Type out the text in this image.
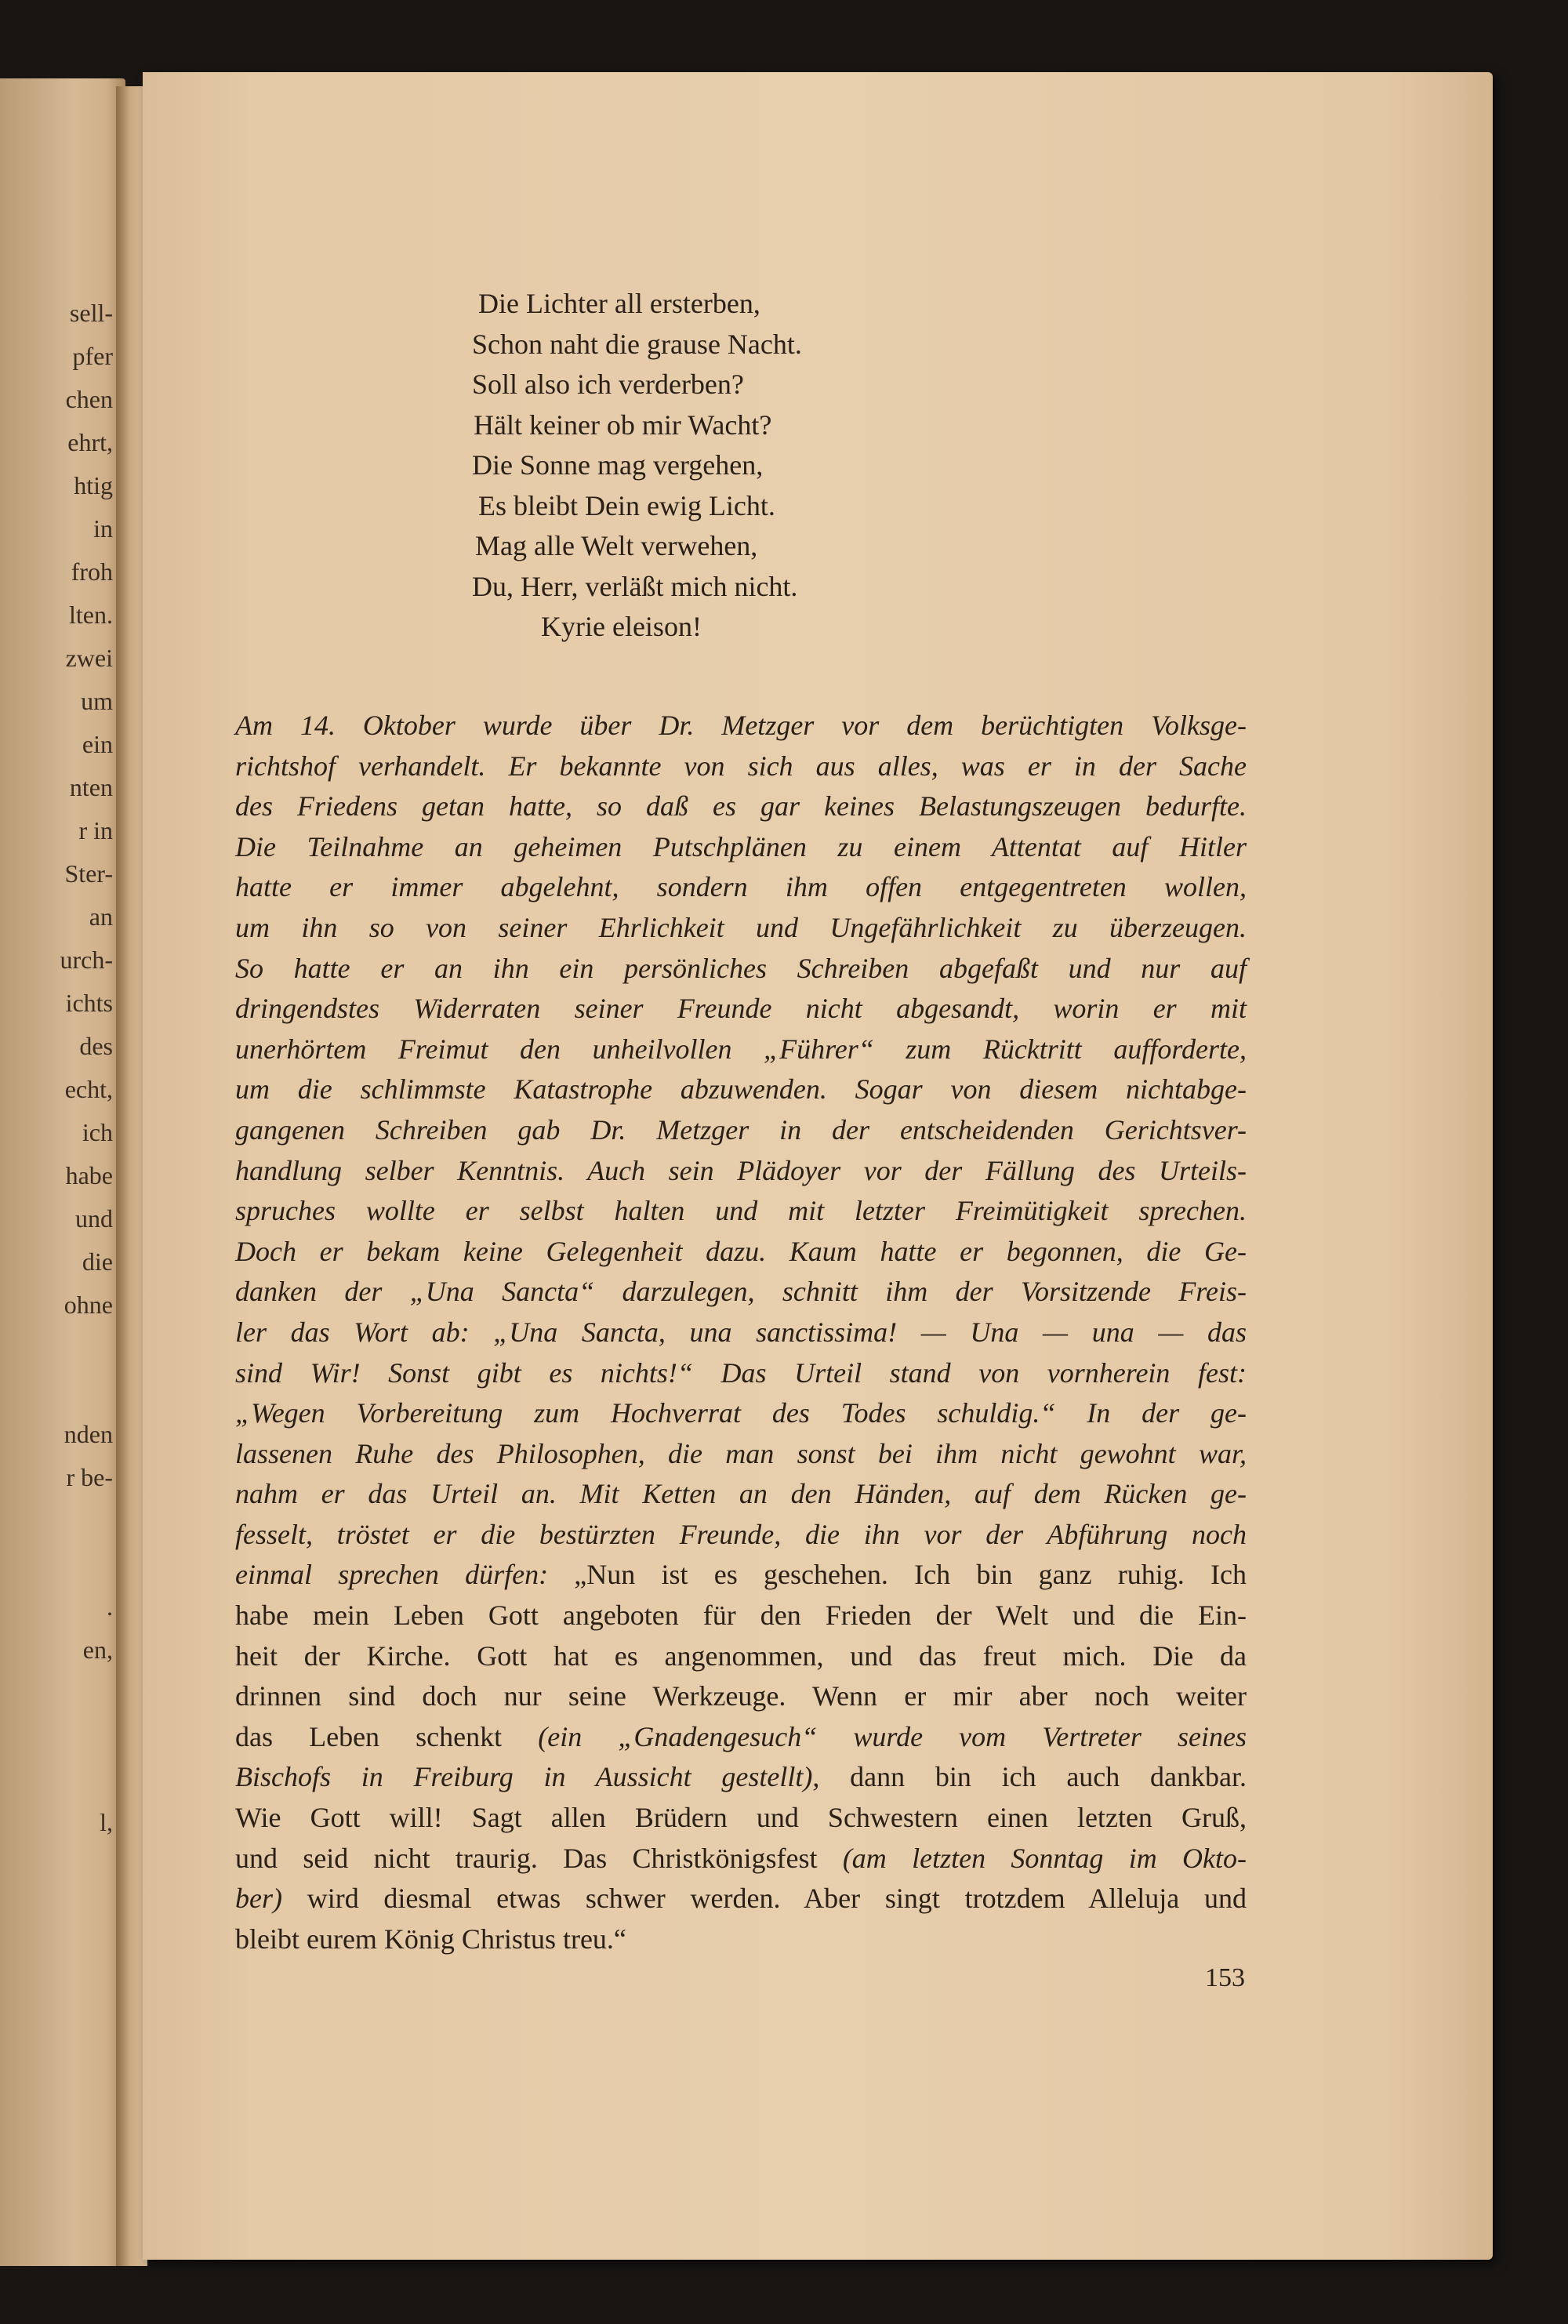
sell-
pfer
chen
ehrt,
htig
in
froh
lten.
zwei
um
ein
nten
r in
Ster-
an
urch-
ichts
des
echt,
ich
habe
und
die
ohne
nden
r be-
.
en,
l,
Die Lichter all ersterben,
Schon naht die grause Nacht.
Soll also ich verderben?
Hält keiner ob mir Wacht?
Die Sonne mag vergehen,
Es bleibt Dein ewig Licht.
Mag alle Welt verwehen,
Du, Herr, verläßt mich nicht.
Kyrie eleison!
Am 14. Oktober wurde über Dr. Metzger vor dem berüchtigten Volksge-
richtshof verhandelt. Er bekannte von sich aus alles, was er in der Sache
des Friedens getan hatte, so daß es gar keines Belastungszeugen bedurfte.
Die Teilnahme an geheimen Putschplänen zu einem Attentat auf Hitler
hatte er immer abgelehnt, sondern ihm offen entgegentreten wollen,
um ihn so von seiner Ehrlichkeit und Ungefährlichkeit zu überzeugen.
So hatte er an ihn ein persönliches Schreiben abgefaßt und nur auf
dringendstes Widerraten seiner Freunde nicht abgesandt, worin er mit
unerhörtem Freimut den unheilvollen „Führer“ zum Rücktritt aufforderte,
um die schlimmste Katastrophe abzuwenden. Sogar von diesem nichtabge-
gangenen Schreiben gab Dr. Metzger in der entscheidenden Gerichtsver-
handlung selber Kenntnis. Auch sein Plädoyer vor der Fällung des Urteils-
spruches wollte er selbst halten und mit letzter Freimütigkeit sprechen.
Doch er bekam keine Gelegenheit dazu. Kaum hatte er begonnen, die Ge-
danken der „Una Sancta“ darzulegen, schnitt ihm der Vorsitzende Freis-
ler das Wort ab: „Una Sancta, una sanctissima! — Una — una — das
sind Wir! Sonst gibt es nichts!“ Das Urteil stand von vornherein fest:
„Wegen Vorbereitung zum Hochverrat des Todes schuldig.“ In der ge-
lassenen Ruhe des Philosophen, die man sonst bei ihm nicht gewohnt war,
nahm er das Urteil an. Mit Ketten an den Händen, auf dem Rücken ge-
fesselt, tröstet er die bestürzten Freunde, die ihn vor der Abführung noch
einmal sprechen dürfen: „Nun ist es geschehen. Ich bin ganz ruhig. Ich
habe mein Leben Gott angeboten für den Frieden der Welt und die Ein-
heit der Kirche. Gott hat es angenommen, und das freut mich. Die da
drinnen sind doch nur seine Werkzeuge. Wenn er mir aber noch weiter
das Leben schenkt (ein „Gnadengesuch“ wurde vom Vertreter seines
Bischofs in Freiburg in Aussicht gestellt), dann bin ich auch dankbar.
Wie Gott will! Sagt allen Brüdern und Schwestern einen letzten Gruß,
und seid nicht traurig. Das Christkönigsfest (am letzten Sonntag im Okto-
ber) wird diesmal etwas schwer werden. Aber singt trotzdem Alleluja und
bleibt eurem König Christus treu.“
153
